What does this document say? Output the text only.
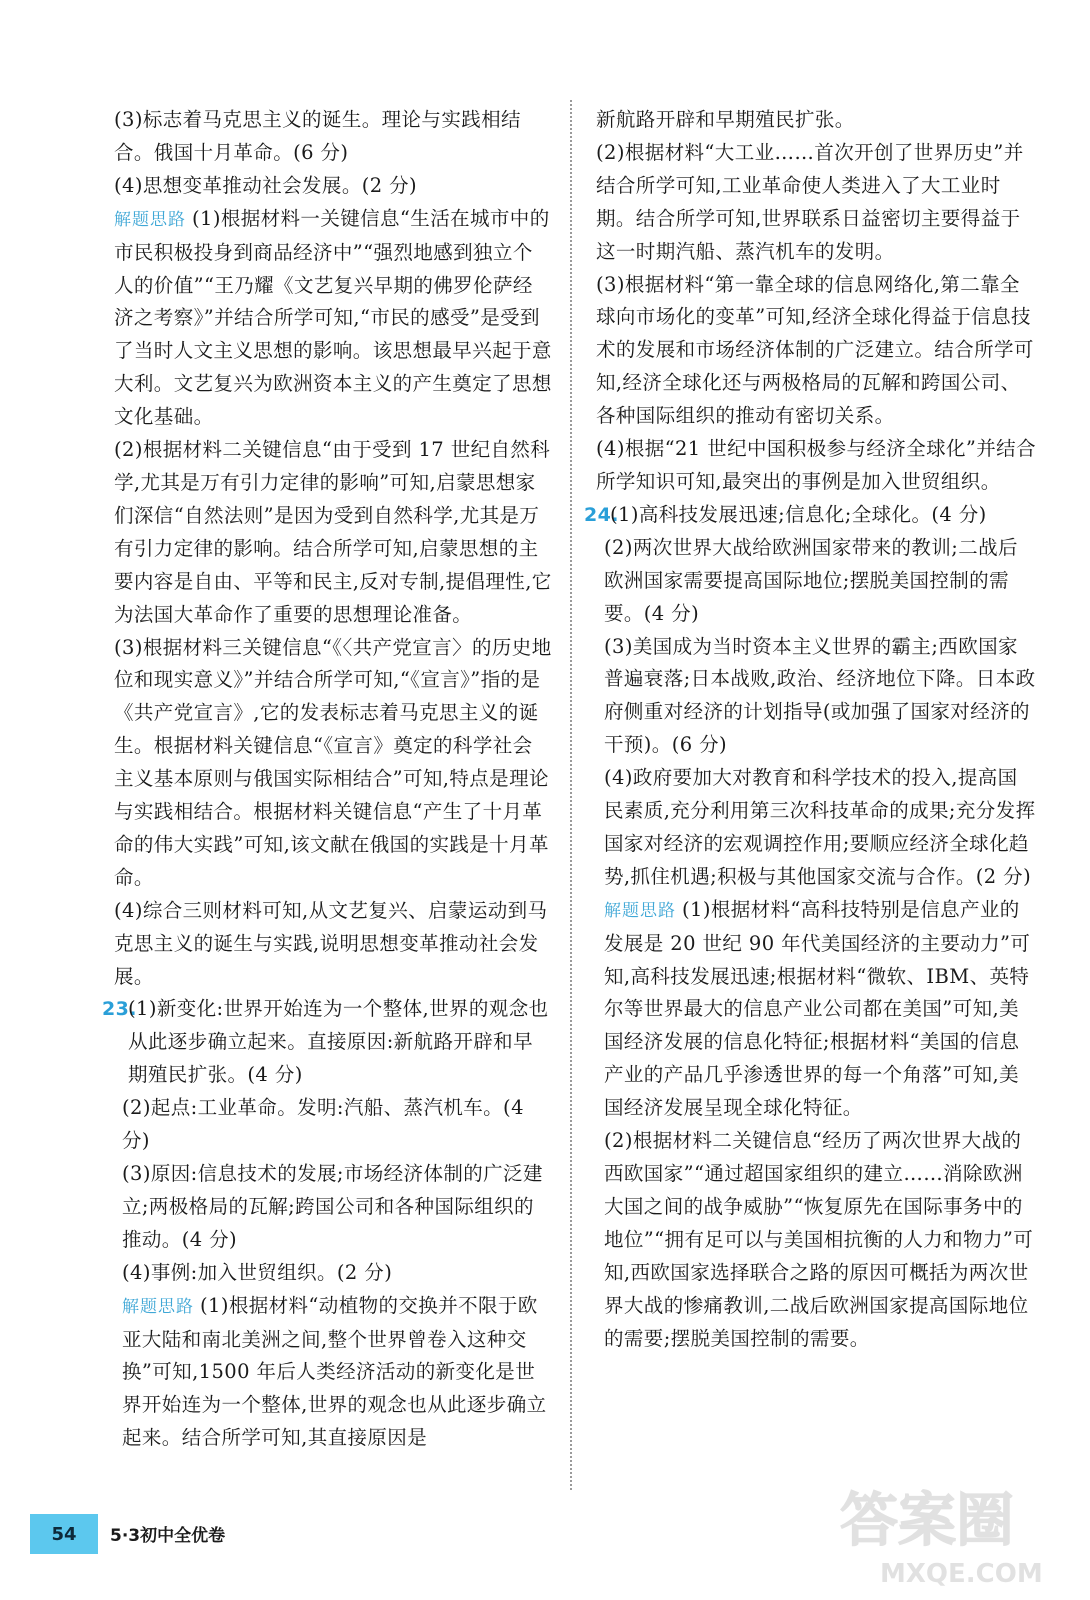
(3)标志着马克思主义的诞生。理论与实践相结合。俄国十月革命。(6 分)

(4)思想变革推动社会发展。(2 分)

解题思路 (1)根据材料一关键信息“生活在城市中的市民积极投身到商品经济中”“强烈地感到独立个人的价值”“王乃耀《文艺复兴早期的佛罗伦萨经济之考察》”并结合所学可知,“市民的感受”是受到了当时人文主义思想的影响。该思想最早兴起于意大利。文艺复兴为欧洲资本主义的产生奠定了思想文化基础。

(2)根据材料二关键信息“由于受到 17 世纪自然科学,尤其是万有引力定律的影响”可知,启蒙思想家们深信“自然法则”是因为受到自然科学,尤其是万有引力定律的影响。结合所学可知,启蒙思想的主要内容是自由、平等和民主,反对专制,提倡理性,它为法国大革命作了重要的思想理论准备。

(3)根据材料三关键信息“《〈共产党宣言〉的历史地位和现实意义》”并结合所学可知,“《宣言》”指的是《共产党宣言》,它的发表标志着马克思主义的诞生。根据材料关键信息“《宣言》奠定的科学社会主义基本原则与俄国实际相结合”可知,特点是理论与实践相结合。根据材料关键信息“产生了十月革命的伟大实践”可知,该文献在俄国的实践是十月革命。

(4)综合三则材料可知,从文艺复兴、启蒙运动到马克思主义的诞生与实践,说明思想变革推动社会发展。

23.(1)新变化:世界开始连为一个整体,世界的观念也从此逐步确立起来。直接原因:新航路开辟和早期殖民扩张。(4 分)

(2)起点:工业革命。发明:汽船、蒸汽机车。(4 分)

(3)原因:信息技术的发展;市场经济体制的广泛建立;两极格局的瓦解;跨国公司和各种国际组织的推动。(4 分)

(4)事例:加入世贸组织。(2 分)

解题思路 (1)根据材料“动植物的交换并不限于欧亚大陆和南北美洲之间,整个世界曾卷入这种交换”可知,1500 年后人类经济活动的新变化是世界开始连为一个整体,世界的观念也从此逐步确立起来。结合所学可知,其直接原因是

新航路开辟和早期殖民扩张。

(2)根据材料“大工业……首次开创了世界历史”并结合所学可知,工业革命使人类进入了大工业时期。结合所学可知,世界联系日益密切主要得益于这一时期汽船、蒸汽机车的发明。

(3)根据材料“第一靠全球的信息网络化,第二靠全球向市场化的变革”可知,经济全球化得益于信息技术的发展和市场经济体制的广泛建立。结合所学可知,经济全球化还与两极格局的瓦解和跨国公司、各种国际组织的推动有密切关系。

(4)根据“21 世纪中国积极参与经济全球化”并结合所学知识可知,最突出的事例是加入世贸组织。

24.(1)高科技发展迅速;信息化;全球化。(4 分)

(2)两次世界大战给欧洲国家带来的教训;二战后欧洲国家需要提高国际地位;摆脱美国控制的需要。(4 分)

(3)美国成为当时资本主义世界的霸主;西欧国家普遍衰落;日本战败,政治、经济地位下降。日本政府侧重对经济的计划指导(或加强了国家对经济的干预)。(6 分)

(4)政府要加大对教育和科学技术的投入,提高国民素质,充分利用第三次科技革命的成果;充分发挥国家对经济的宏观调控作用;要顺应经济全球化趋势,抓住机遇;积极与其他国家交流与合作。(2 分)

解题思路 (1)根据材料“高科技特别是信息产业的发展是 20 世纪 90 年代美国经济的主要动力”可知,高科技发展迅速;根据材料“微软、IBM、英特尔等世界最大的信息产业公司都在美国”可知,美国经济发展的信息化特征;根据材料“美国的信息产业的产品几乎渗透世界的每一个角落”可知,美国经济发展呈现全球化特征。

(2)根据材料二关键信息“经历了两次世界大战的西欧国家”“通过超国家组织的建立……消除欧洲大国之间的战争威胁”“恢复原先在国际事务中的地位”“拥有足可以与美国相抗衡的人力和物力”可知,西欧国家选择联合之路的原因可概括为两次世界大战的惨痛教训,二战后欧洲国家提高国际地位的需要;摆脱美国控制的需要。

54	5·3初中全优卷	答案圈
MXQE.COM
